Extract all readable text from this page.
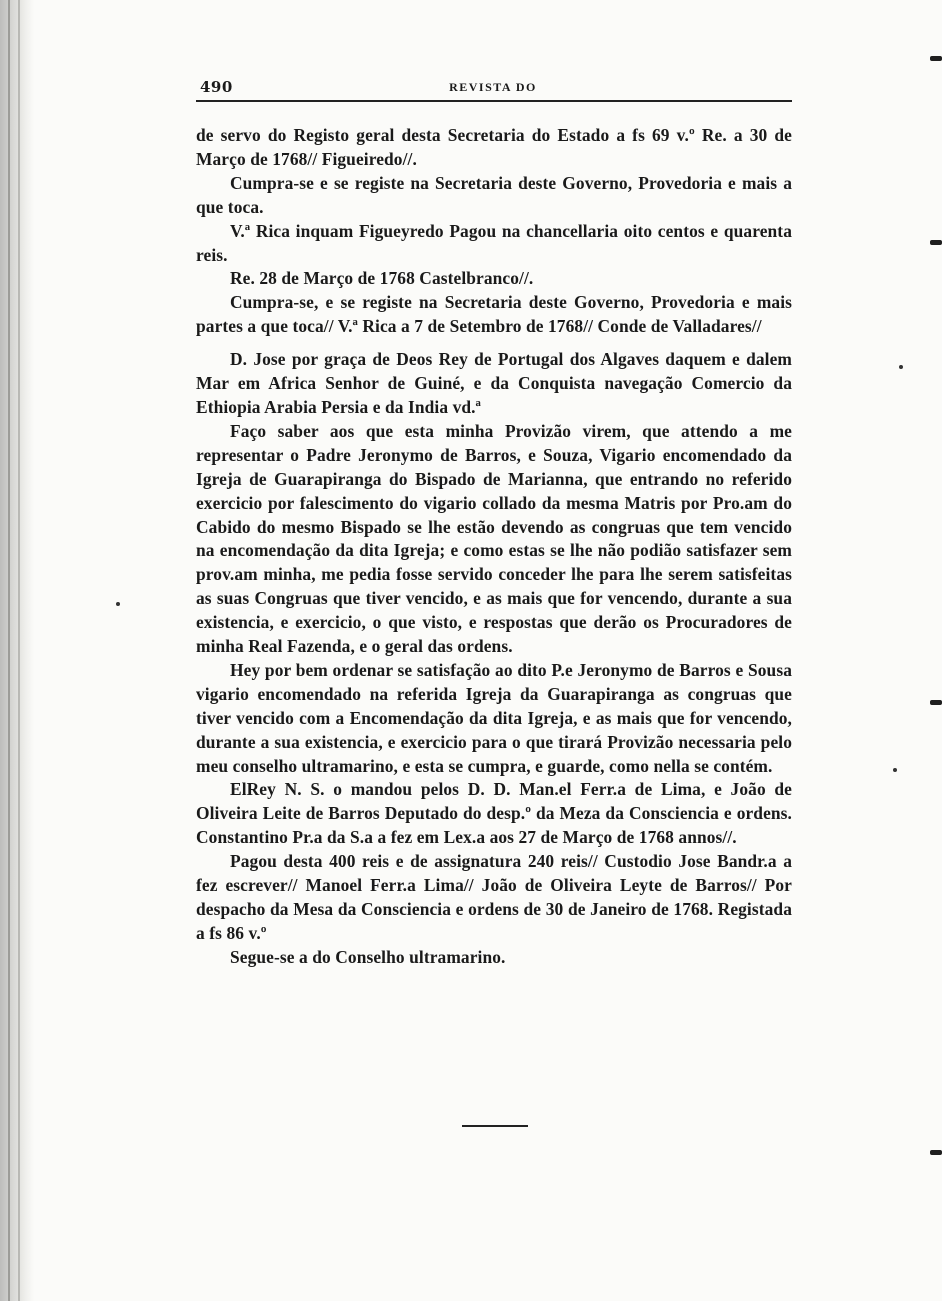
490	REVISTA DO

de servo do Registo geral desta Secretaria do Estado a fs 69 v.º Re. a 30 de Março de 1768// Figueiredo//.

Cumpra-se e se registe na Secretaria deste Governo, Provedoria e mais a que toca.

V.ª Rica inquam Figueyredo Pagou na chancellaria oito centos e quarenta reis.

Re. 28 de Março de 1768 Castelbranco//.

Cumpra-se, e se registe na Secretaria deste Governo, Provedoria e mais partes a que toca// V.ª Rica a 7 de Setembro de 1768// Conde de Valladares//

D. Jose por graça de Deos Rey de Portugal dos Algaves daquem e dalem Mar em Africa Senhor de Guiné, e da Conquista navegação Comercio da Ethiopia Arabia Persia e da India vd.ª

Faço saber aos que esta minha Provizão virem, que attendo a me representar o Padre Jeronymo de Barros, e Souza, Vigario encomendado da Igreja de Guarapiranga do Bispado de Marianna, que entrando no referido exercicio por falescimento do vigario collado da mesma Matris por Pro.am do Cabido do mesmo Bispado se lhe estão devendo as congruas que tem vencido na encomendação da dita Igreja; e como estas se lhe não podião satisfazer sem prov.am minha, me pedia fosse servido conceder lhe para lhe serem satisfeitas as suas Congruas que tiver vencido, e as mais que for vencendo, durante a sua existencia, e exercicio, o que visto, e respostas que derão os Procuradores de minha Real Fazenda, e o geral das ordens.

Hey por bem ordenar se satisfação ao dito P.e Jeronymo de Barros e Sousa vigario encomendado na referida Igreja da Guarapiranga as congruas que tiver vencido com a Encomendação da dita Igreja, e as mais que for vencendo, durante a sua existencia, e exercicio para o que tirará Provizão necessaria pelo meu conselho ultramarino, e esta se cumpra, e guarde, como nella se contém.

ElRey N. S. o mandou pelos D. D. Man.el Ferr.a de Lima, e João de Oliveira Leite de Barros Deputado do desp.º da Meza da Consciencia e ordens. Constantino Pr.a da S.a a fez em Lex.a aos 27 de Março de 1768 annos//.

Pagou desta 400 reis e de assignatura 240 reis// Custodio Jose Bandr.a a fez escrever// Manoel Ferr.a Lima// João de Oliveira Leyte de Barros// Por despacho da Mesa da Consciencia e ordens de 30 de Janeiro de 1768. Registada a fs 86 v.º

Segue-se a do Conselho ultramarino.
